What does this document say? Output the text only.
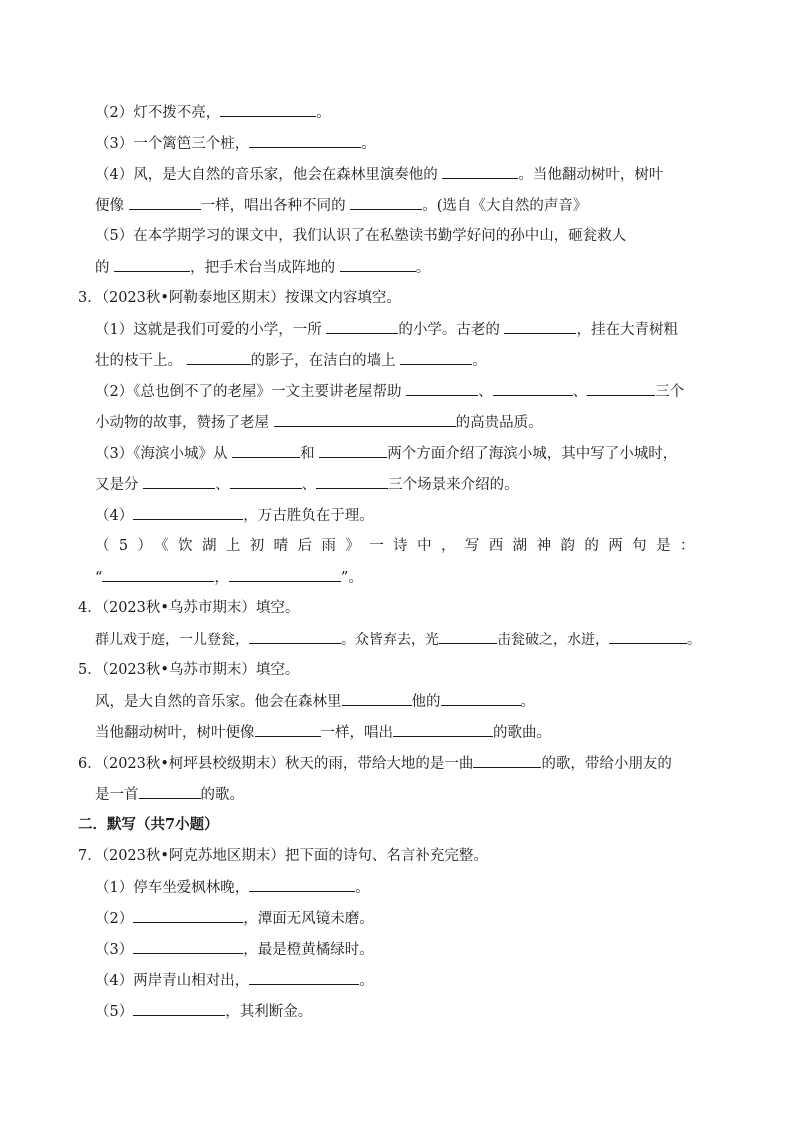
（2）灯不拨不亮，	。
（3）一个篱笆三个桩，	。
（4）风，是大自然的音乐家，他会在森林里演奏他的	。当他翻动树叶，树叶
便像	一样，唱出各种不同的	。(选自《大自然的声音》
（5）在本学期学习的课文中，我们认识了在私塾读书勤学好问的孙中山，砸瓮救人
的	，把手术台当成阵地的	。
3．（2023秋•阿勒泰地区期末）按课文内容填空。
（1）这就是我们可爱的小学，一所	的小学。古老的	，挂在大青树粗
壮的枝干上。	的影子，在洁白的墙上	。
（2）《总也倒不了的老屋》一文主要讲老屋帮助	、	、	三个
小动物的故事，赞扬了老屋	的高贵品质。
（3）《海滨小城》从	和	两个方面介绍了海滨小城，其中写了小城时，
又是分	、	、	三个场景来介绍的。
（4）	，万古胜负在于理。
（5）《饮湖上初晴后雨》一诗中，写西湖神韵的两句是：
“	，	”。
4．（2023秋•乌苏市期末）填空。
群儿戏于庭，一儿登瓮，	。众皆弃去，光	击瓮破之，水迸，	。
5．（2023秋•乌苏市期末）填空。
风，是大自然的音乐家。他会在森林里	他的	。
当他翻动树叶，树叶便像	一样，唱出	的歌曲。
6．（2023秋•柯坪县校级期末）秋天的雨，带给大地的是一曲	的歌，带给小朋友的
是一首	的歌。
二．默写（共7小题）
7．（2023秋•阿克苏地区期末）把下面的诗句、名言补充完整。
（1）停车坐爱枫林晚，	。
（2）	，潭面无风镜未磨。
（3）	，最是橙黄橘绿时。
（4）两岸青山相对出，	。
（5）	，其利断金。
